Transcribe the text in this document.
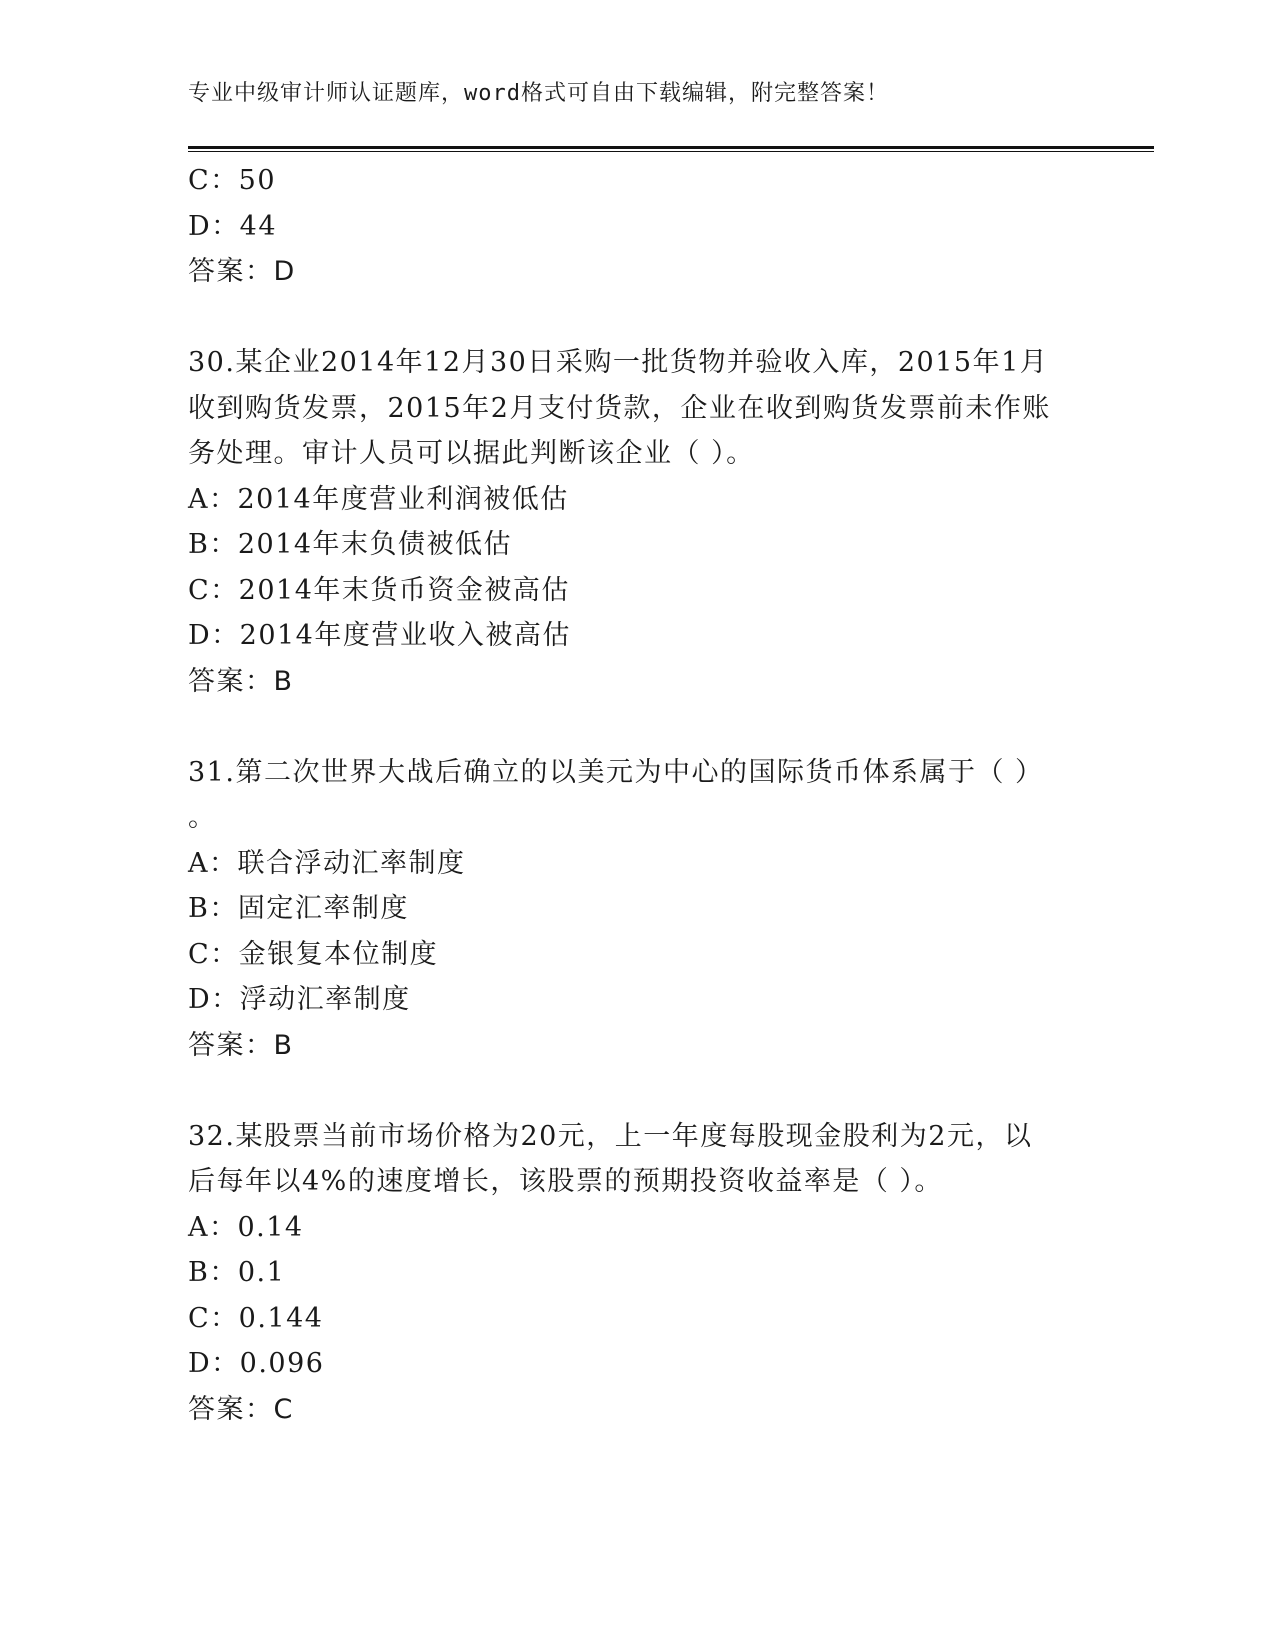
专业中级审计师认证题库，word格式可自由下载编辑，附完整答案！
C：50
D：44
答案：D
30.某企业2014年12月30日采购一批货物并验收入库，2015年1月
收到购货发票，2015年2月支付货款，企业在收到购货发票前未作账
务处理。审计人员可以据此判断该企业（ ）。
A：2014年度营业利润被低估
B：2014年末负债被低估
C：2014年末货币资金被高估
D：2014年度营业收入被高估
答案：B
31.第二次世界大战后确立的以美元为中心的国际货币体系属于（ ）
。
A：联合浮动汇率制度
B：固定汇率制度
C：金银复本位制度
D：浮动汇率制度
答案：B
32.某股票当前市场价格为20元，上一年度每股现金股利为2元，以
后每年以4%的速度增长，该股票的预期投资收益率是（ ）。
A：0.14
B：0.1
C：0.144
D：0.096
答案：C
